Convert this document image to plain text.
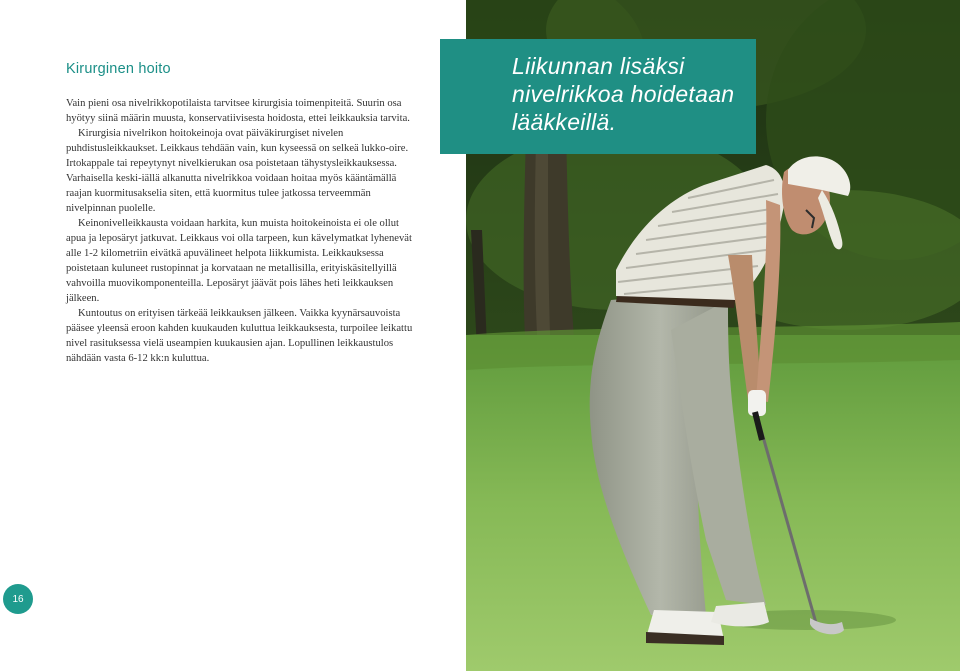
Kirurginen hoito

Vain pieni osa nivelrikkopotilaista tarvitsee kirurgisia toimenpiteitä. Suurin osa hyötyy siinä määrin muusta, konservatiivisesta hoidosta, ettei leikkauksia tarvita.

Kirurgisia nivelrikon hoitokeinoja ovat päiväkirurgiset nivelen puhdistusleikkaukset. Leikkaus tehdään vain, kun kyseessä on selkeä lukko-oire. Irtokappale tai repeytynyt nivelkierukan osa poistetaan tähystysleikkauksessa. Varhaisella keski-iällä alkanutta nivelrikkoa voidaan hoitaa myös kääntämällä raajan kuormitusakselia siten, että kuormitus tulee jatkossa terveemmän nivelpinnan puolelle.

Keinonivelleikkausta voidaan harkita, kun muista hoitokeinoista ei ole ollut apua ja leposäryt jatkuvat. Leikkaus voi olla tarpeen, kun kävelymatkat lyhenevät alle 1-2 kilometriin eivätkä apuvälineet helpota liikkumista. Leikkauksessa poistetaan kuluneet rustopinnat ja korvataan ne metallisilla, erityiskäsitellyillä vahvoilla muovikomponenteilla. Leposäryt jäävät pois lähes heti leikkauksen jälkeen.

Kuntoutus on erityisen tärkeää leikkauksen jälkeen. Vaikka kyynärsauvoista pääsee yleensä eroon kahden kuukauden kuluttua leikkauksesta, turpoilee leikattu nivel rasituksessa vielä useampien kuukausien ajan. Lopullinen leikkaustulos nähdään vasta 6-12 kk:n kuluttua.

16

Liikunnan lisäksi nivelrikkoa hoidetaan lääkkeillä.
